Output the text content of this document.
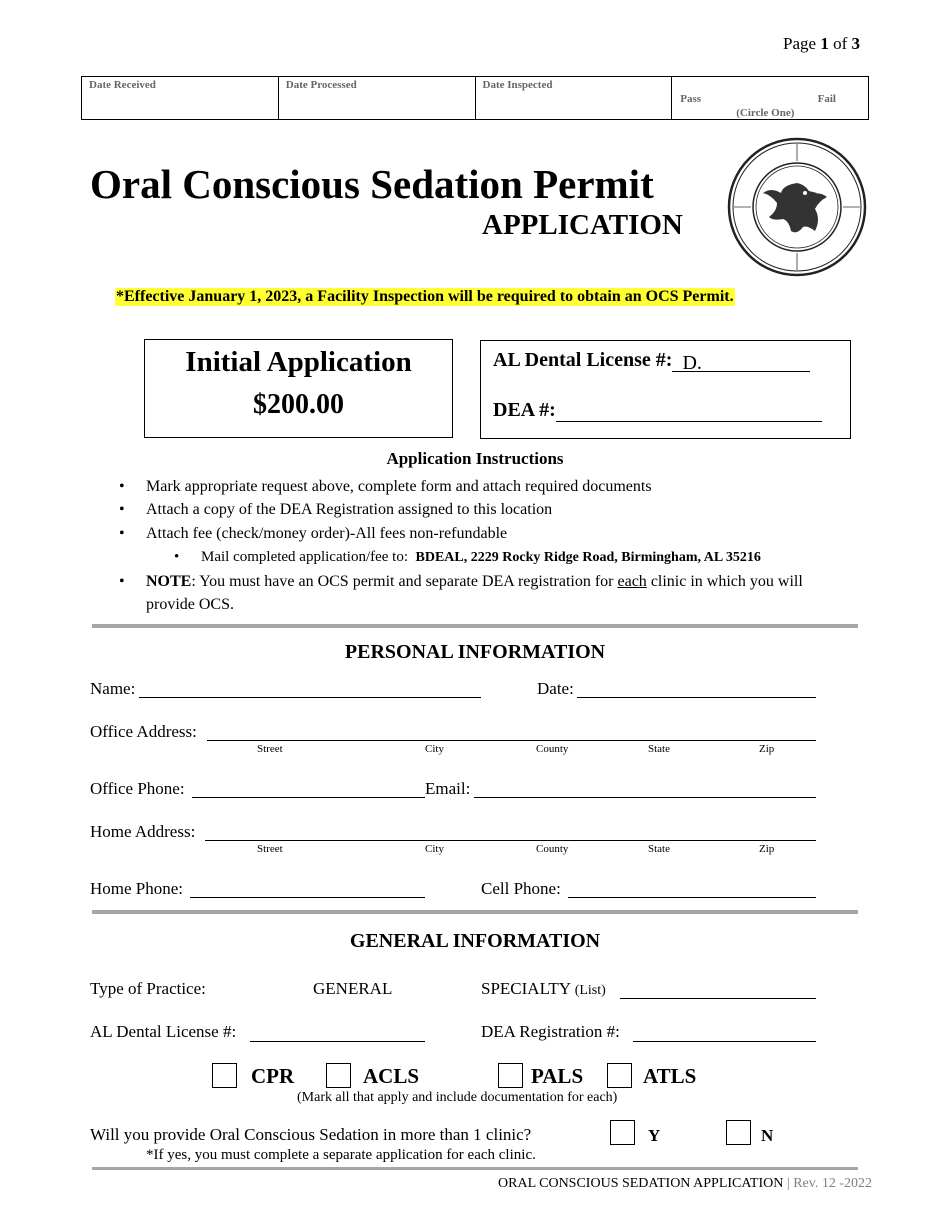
Page 1 of 3
Date Received	Date Processed	Date Inspected
Pass	Fail
(Circle One)
Oral Conscious Sedation Permit
APPLICATION
*Effective January 1, 2023, a Facility Inspection will be required to obtain an OCS Permit.
Initial Application
$200.00
AL Dental License #: D.
DEA #:
Application Instructions
• Mark appropriate request above, complete form and attach required documents
• Attach a copy of the DEA Registration assigned to this location
• Attach fee (check/money order)-All fees non-refundable
• Mail completed application/fee to: BDEAL, 2229 Rocky Ridge Road, Birmingham, AL 35216
• NOTE: You must have an OCS permit and separate DEA registration for each clinic in which you will
provide OCS.
PERSONAL INFORMATION
Name:	Date:
Office Address:
Street	City	County	State	Zip
Office Phone:	Email:
Home Address:
Street	City	County	State	Zip
Home Phone:	Cell Phone:
GENERAL INFORMATION
Type of Practice:	GENERAL	SPECIALTY (List)
AL Dental License #:	DEA Registration #:
CPR	ACLS	PALS	ATLS
(Mark all that apply and include documentation for each)
Will you provide Oral Conscious Sedation in more than 1 clinic?	Y	N
*If yes, you must complete a separate application for each clinic.
ORAL CONSCIOUS SEDATION APPLICATION | Rev. 12 -2022
